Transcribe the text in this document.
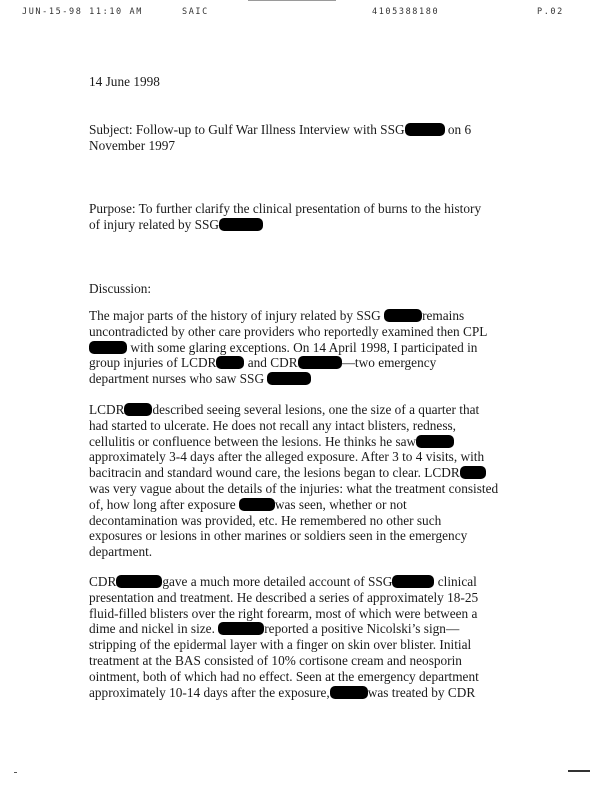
JUN-15-98 11:10 AM	SAIC	4105388180	P.02

14 June 1998

Subject: Follow-up to Gulf War Illness Interview with SSG	on 6
November 1997

Purpose: To further clarify the clinical presentation of burns to the history
of injury related by SSG

Discussion:

The major parts of the history of injury related by SSG	remains
uncontradicted by other care providers who reportedly examined then CPL
with some glaring exceptions. On 14 April 1998, I participated in
group injuries of LCDR and CDR	—two emergency
department nurses who saw SSG

LCDR described seeing several lesions, one the size of a quarter that
had started to ulcerate. He does not recall any intact blisters, redness,
cellulitis or confluence between the lesions. He thinks he saw
approximately 3-4 days after the alleged exposure. After 3 to 4 visits, with
bacitracin and standard wound care, the lesions began to clear. LCDR
was very vague about the details of the injuries: what the treatment consisted
of, how long after exposure	was seen, whether or not
decontamination was provided, etc. He remembered no other such
exposures or lesions in other marines or soldiers seen in the emergency
department.

CDR	gave a much more detailed account of SSG	clinical
presentation and treatment. He described a series of approximately 18-25
fluid-filled blisters over the right forearm, most of which were between a
dime and nickel in size.	reported a positive Nicolski’s sign—
stripping of the epidermal layer with a finger on skin over blister. Initial
treatment at the BAS consisted of 10% cortisone cream and neosporin
ointment, both of which had no effect. Seen at the emergency department
approximately 10-14 days after the exposure,	was treated by CDR
